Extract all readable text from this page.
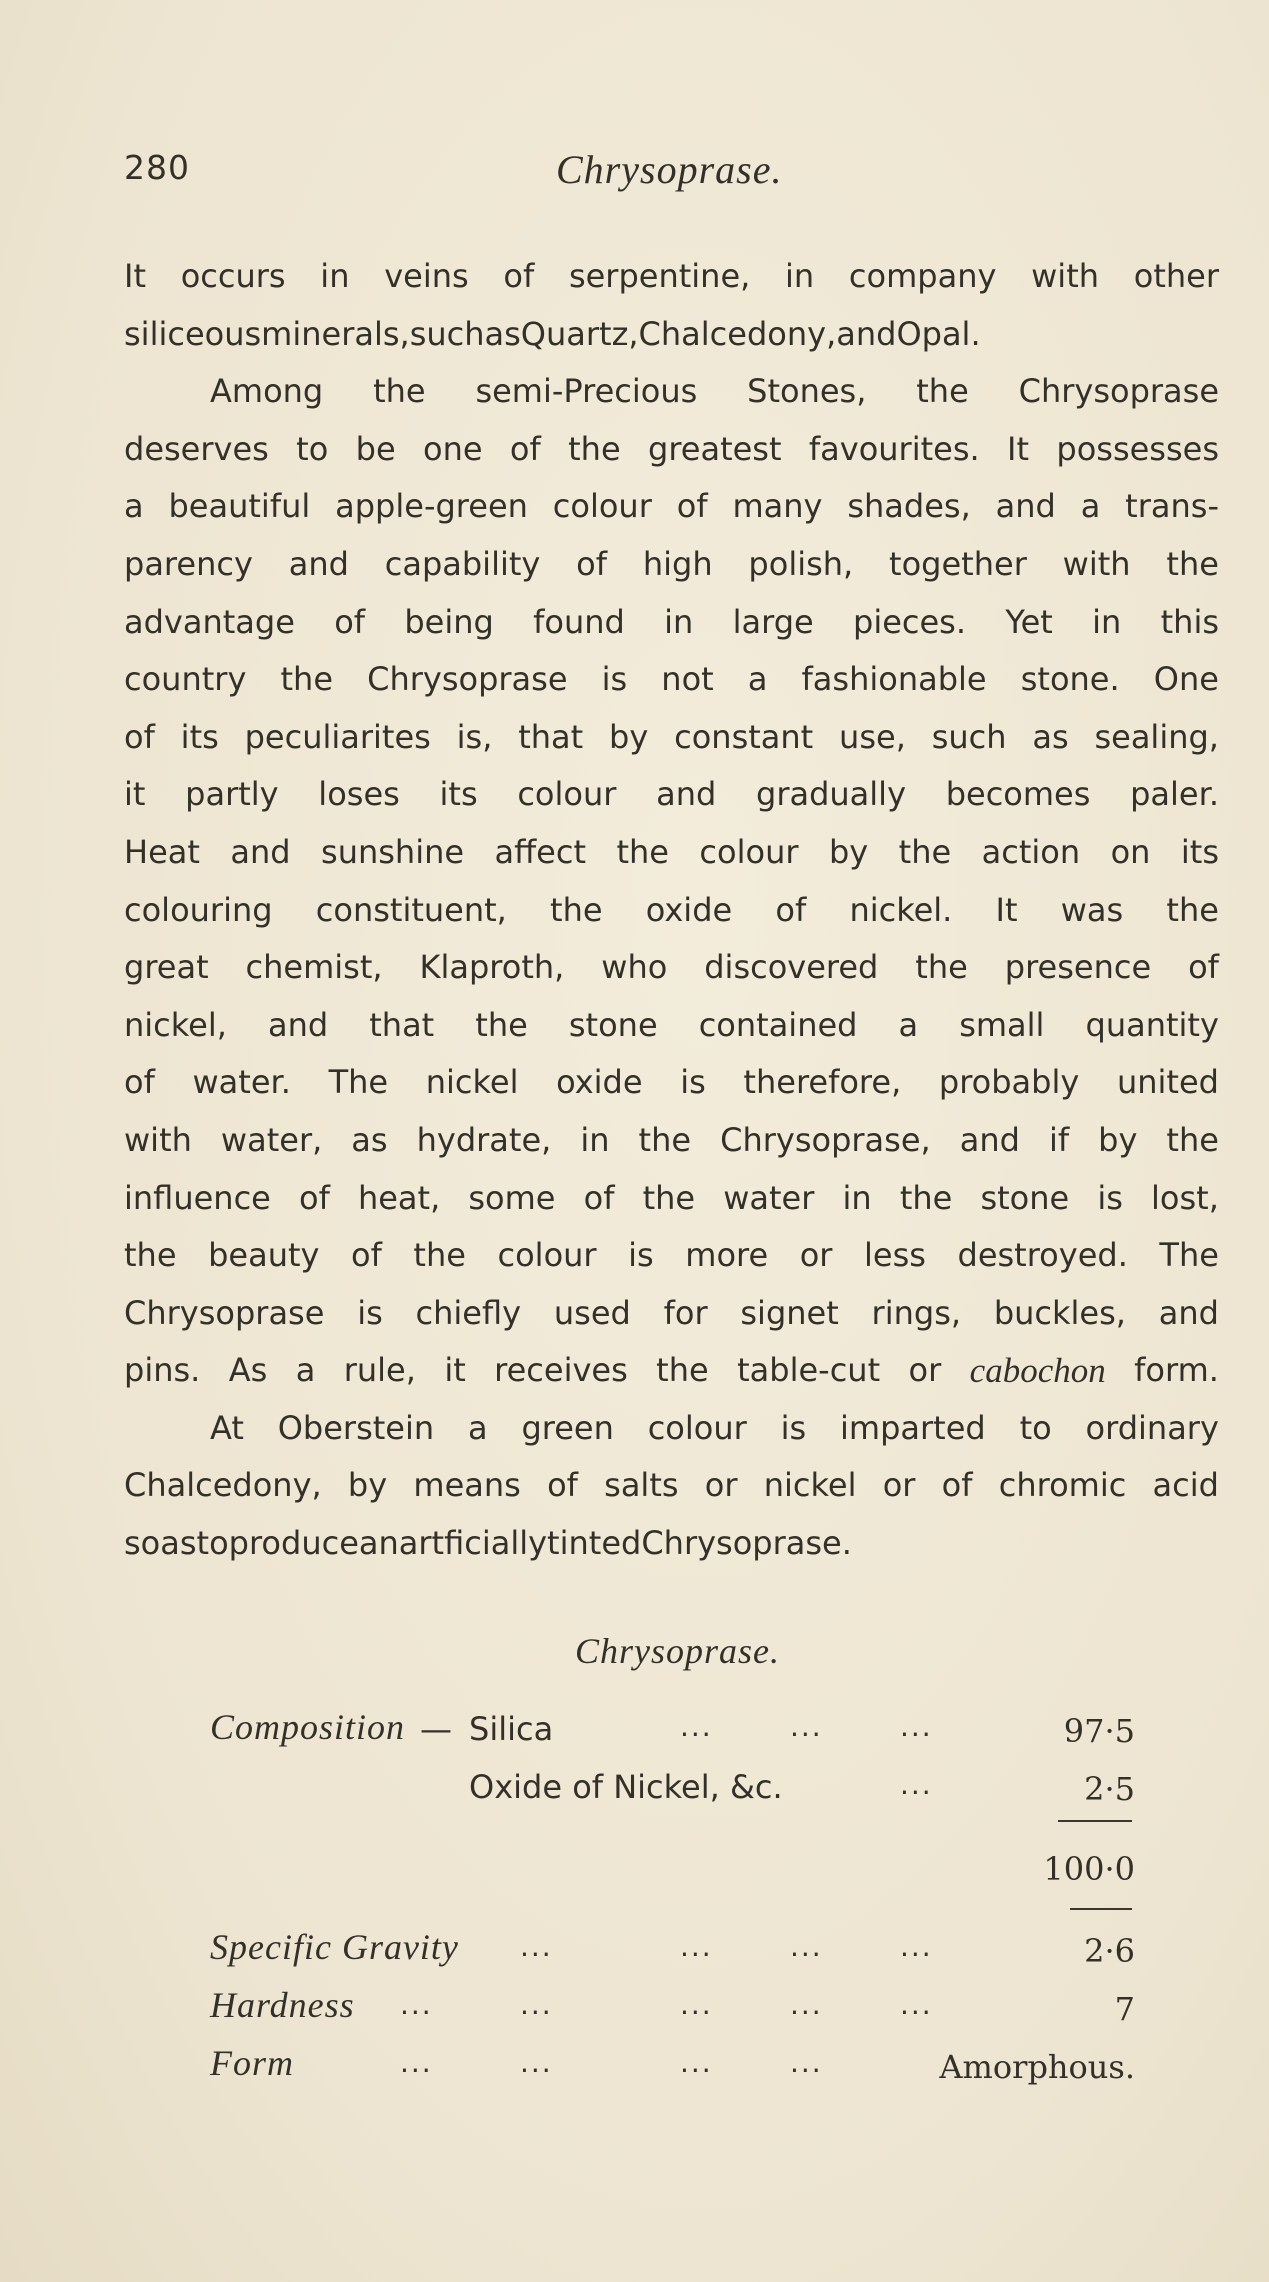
280	Chrysoprase.
It occurs in veins of serpentine, in company with other
siliceous minerals, such as Quartz, Chalcedony, and Opal.
Among the semi-Precious Stones, the Chrysoprase
deserves to be one of the greatest favourites. It possesses
a beautiful apple-green colour of many shades, and a trans-
parency and capability of high polish, together with the
advantage of being found in large pieces. Yet in this
country the Chrysoprase is not a fashionable stone. One
of its peculiarites is, that by constant use, such as sealing,
it partly loses its colour and gradually becomes paler.
Heat and sunshine affect the colour by the action on its
colouring constituent, the oxide of nickel. It was the
great chemist, Klaproth, who discovered the presence of
nickel, and that the stone contained a small quantity
of water. The nickel oxide is therefore, probably united
with water, as hydrate, in the Chrysoprase, and if by the
influence of heat, some of the water in the stone is lost,
the beauty of the colour is more or less destroyed. The
Chrysoprase is chiefly used for signet rings, buckles, and
pins. As a rule, it receives the table-cut or cabochon form.
At Oberstein a green colour is imparted to ordinary
Chalcedony, by means of salts or nickel or of chromic acid
so as to produce an artficially tinted Chrysoprase.
Chrysoprase.
Composition — Silica	...	...	...	97·5
Oxide of Nickel, &c.	...	2·5
100·0
Specific Gravity ...	...	...	...	2·6
Hardness ...	...	...	...	...	7
Form	...	...	...	...	Amorphous.
